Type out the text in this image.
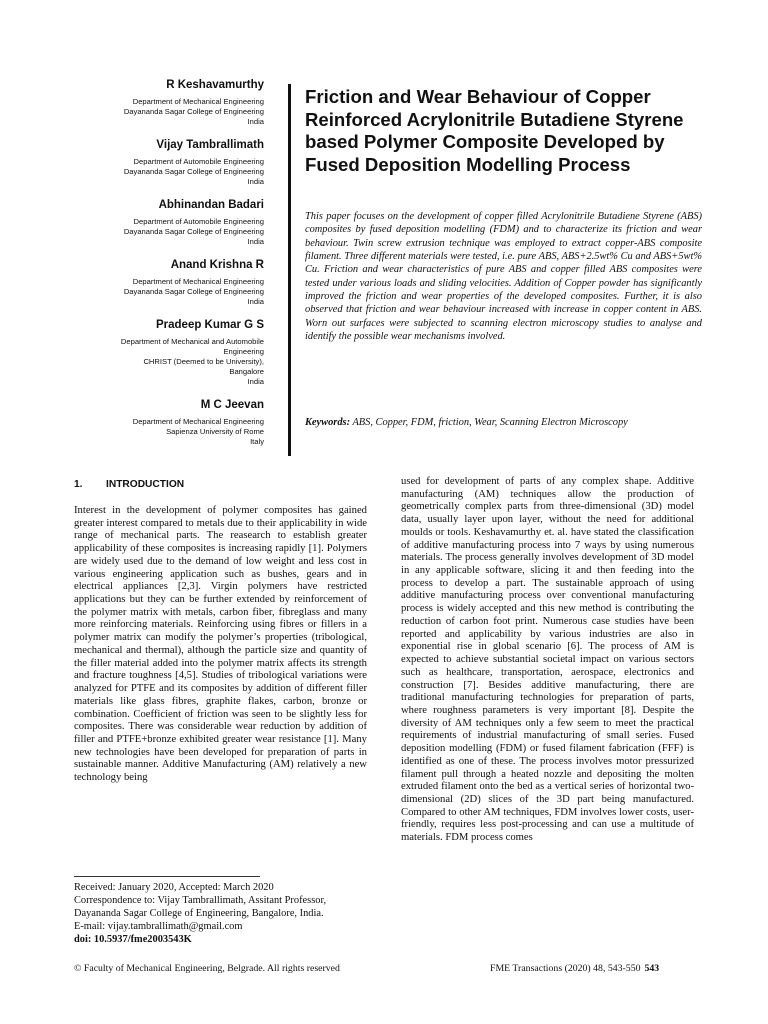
R Keshavamurthy
Department of Mechanical Engineering
Dayananda Sagar College of Engineering
India
Vijay Tambrallimath
Department of Automobile Engineering
Dayananda Sagar College of Engineering
India
Abhinandan Badari
Department of Automobile Engineering
Dayananda Sagar College of Engineering
India
Anand Krishna R
Department of Mechanical Engineering
Dayananda Sagar College of Engineering
India
Pradeep Kumar G S
Department of Mechanical and Automobile
Engineering
CHRIST (Deemed to be University),
Bangalore
India
M C Jeevan
Department of Mechanical Engineering
Sapienza University of Rome
Italy
Friction and Wear Behaviour of Copper Reinforced Acrylonitrile Butadiene Styrene based Polymer Composite Developed by Fused Deposition Modelling Process

This paper focuses on the development of copper filled Acrylonitrile Butadiene Styrene (ABS) composites by fused deposition modelling (FDM) and to characterize its friction and wear behaviour. Twin screw extrusion technique was employed to extract copper-ABS composite filament. Three different materials were tested, i.e. pure ABS, ABS+2.5wt% Cu and ABS+5wt% Cu. Friction and wear characteristics of pure ABS and copper filled ABS composites were tested under various loads and sliding velocities. Addition of Copper powder has significantly improved the friction and wear properties of the developed composites. Further, it is also observed that friction and wear behaviour increased with increase in copper content in ABS. Worn out surfaces were subjected to scanning electron microscopy studies to analyse and identify the possible wear mechanisms involved.

Keywords: ABS, Copper, FDM, friction, Wear, Scanning Electron Microscopy

1. INTRODUCTION

Interest in the development of polymer composites has gained greater interest compared to metals due to their applicability in wide range of mechanical parts. The reasearch to establish greater applicability of these composites is increasing rapidly [1]. Polymers are widely used due to the demand of low weight and less cost in various engineering application such as bushes, gears and in electrical appliances [2,3]. Virgin polymers have restricted applications but they can be further extended by reinforcement of the polymer matrix with metals, carbon fiber, fibreglass and many more reinforcing materials. Reinforcing using fibres or fillers in a polymer matrix can modify the polymer’s properties (tribological, mechanical and thermal), although the particle size and quantity of the filler material added into the polymer matrix affects its strength and fracture toughness [4,5]. Studies of tribological variations were analyzed for PTFE and its composites by addition of different filler materials like glass fibres, graphite flakes, carbon, bronze or combination. Coefficient of friction was seen to be slightly less for composites. There was considerable wear reduction by addition of filler and PTFE+bronze exhibited greater wear resistance [1]. Many new technologies have been developed for preparation of parts in sustainable manner. Additive Manufacturing (AM) relatively a new technology being

used for development of parts of any complex shape. Additive manufacturing (AM) techniques allow the production of geometrically complex parts from three-dimensional (3D) model data, usually layer upon layer, without the need for additional moulds or tools. Keshavamurthy et. al. have stated the classification of additive manufacturing process into 7 ways by using numerous materials. The process generally involves development of 3D model in any applicable software, slicing it and then feeding into the process to develop a part. The sustainable approach of using additive manufacturing process over conventional manufacturing process is widely accepted and this new method is contributing the reduction of carbon foot print. Numerous case studies have been reported and applicability by various industries are also in exponential rise in global scenario [6]. The process of AM is expected to achieve substantial societal impact on various sectors such as healthcare, transportation, aerospace, electronics and construction [7]. Besides additive manufacturing, there are traditional manufacturing technologies for preparation of parts, where roughness parameters is very important [8]. Despite the diversity of AM techniques only a few seem to meet the practical requirements of industrial manufacturing of small series. Fused deposition modelling (FDM) or fused filament fabrication (FFF) is identified as one of these. The process involves motor pressurized filament pull through a heated nozzle and depositing the molten extruded filament onto the bed as a vertical series of horizontal two-dimensional (2D) slices of the 3D part being manufactured. Compared to other AM techniques, FDM involves lower costs, user-friendly, requires less post-processing and can use a multitude of materials. FDM process comes

Received: January 2020, Accepted: March 2020
Correspondence to: Vijay Tambrallimath, Assitant Professor, Dayananda Sagar College of Engineering, Bangalore, India.
E-mail: vijay.tambrallimath@gmail.com
doi: 10.5937/fme2003543K
© Faculty of Mechanical Engineering, Belgrade. All rights reserved	FME Transactions (2020) 48, 543-550 543
